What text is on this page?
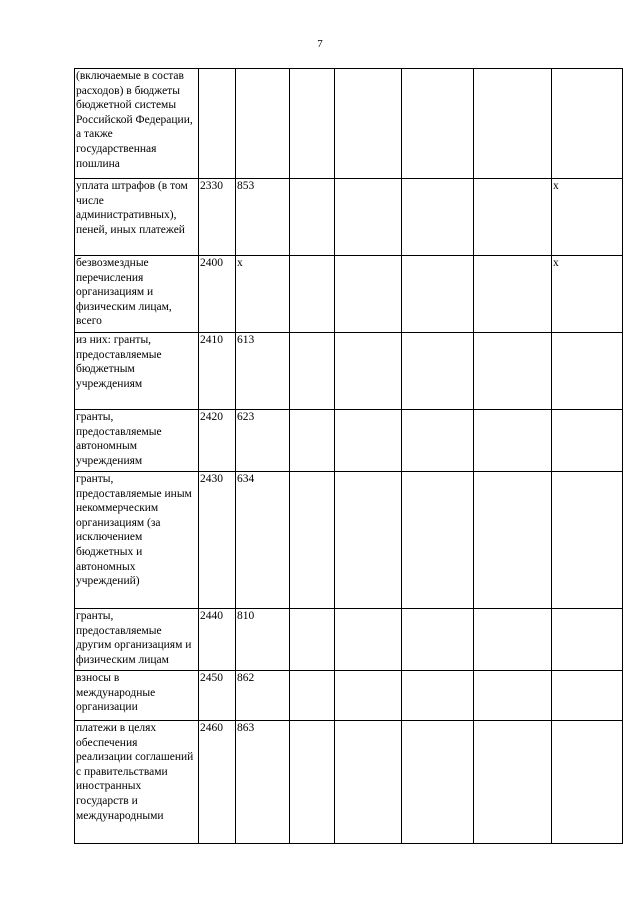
7
(включаемые в состав расходов) в бюджеты бюджетной системы Российской Федерации, а также государственная пошлина							
уплата штрафов (в том числе административных), пеней, иных платежей	2330	853					x
безвозмездные перечисления организациям и физическим лицам, всего	2400	x					x
из них: гранты, предоставляемые бюджетным учреждениям	2410	613					
гранты, предоставляемые автономным учреждениям	2420	623					
гранты, предоставляемые иным некоммерческим организациям (за исключением бюджетных и автономных учреждений)	2430	634					
гранты, предоставляемые другим организациям и физическим лицам	2440	810					
взносы в международные организации	2450	862					
платежи в целях обеспечения реализации соглашений с правительствами иностранных государств и международными	2460	863					
